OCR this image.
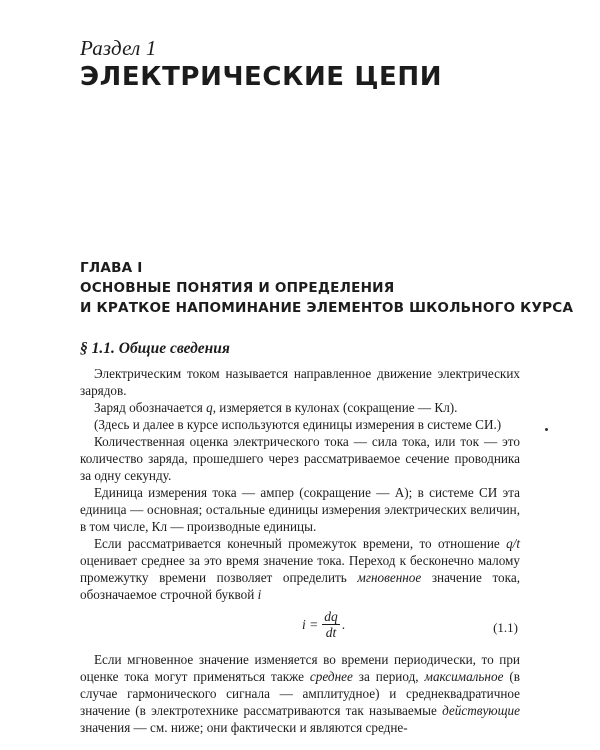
Раздел 1
ЭЛЕКТРИЧЕСКИЕ ЦЕПИ
ГЛАВА I
ОСНОВНЫЕ ПОНЯТИЯ И ОПРЕДЕЛЕНИЯ
И КРАТКОЕ НАПОМИНАНИЕ ЭЛЕМЕНТОВ ШКОЛЬНОГО КУРСА
§ 1.1. Общие сведения

Электрическим током называется направленное движение электрических зарядов.

Заряд обозначается q, измеряется в кулонах (сокращение — Кл).

(Здесь и далее в курсе используются единицы измерения в системе СИ.)

Количественная оценка электрического тока — сила тока, или ток — это количество заряда, прошедшего через рассматриваемое сечение проводника за одну секунду.

Единица измерения тока — ампер (сокращение — А); в системе СИ эта единица — основная; остальные единицы измерения электрических величин, в том числе, Кл — производные единицы.

Если рассматривается конечный промежуток времени, то отношение q/t оценивает среднее за это время значение тока. Переход к бесконечно малому промежутку времени позволяет определить мгновенное значение тока, обозначаемое строчной буквой i

$i = \frac{dq}{dt}$ .	(1.1)

Если мгновенное значение изменяется во времени периодически, то при оценке тока могут применяться также среднее за период, максимальное (в случае гармонического сигнала — амплитудное) и среднеквадратичное значение (в электротехнике рассматриваются так называемые действующие значения — см. ниже; они фактически и являются средне-
